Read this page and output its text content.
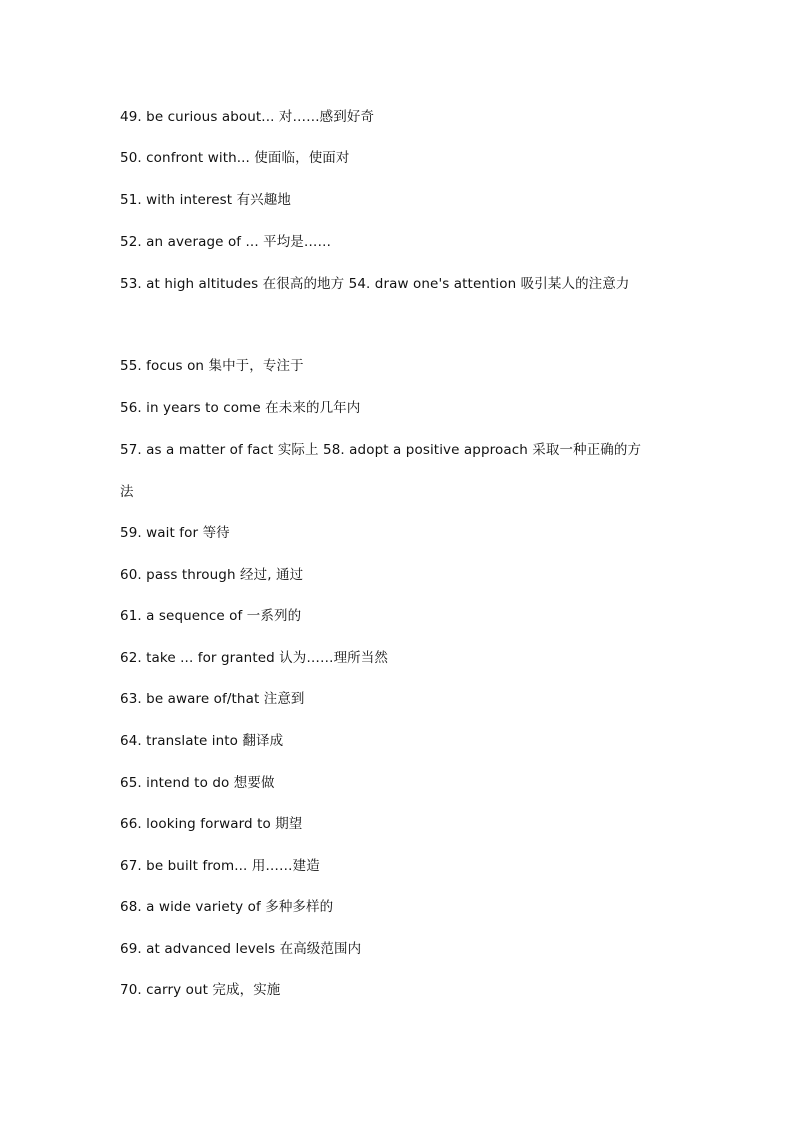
49. be curious about... 对……感到好奇
50. confront with... 使面临，使面对
51. with interest 有兴趣地
52. an average of ... 平均是……
53. at high altitudes 在很高的地方 54. draw one's attention 吸引某人的注意力
55. focus on 集中于，专注于
56. in years to come 在未来的几年内
57. as a matter of fact 实际上 58. adopt a positive approach 采取一种正确的方
法
59. wait for 等待
60. pass through 经过, 通过
61. a sequence of 一系列的
62. take ... for granted 认为……理所当然
63. be aware of/that 注意到
64. translate into 翻译成
65. intend to do 想要做
66. looking forward to 期望
67. be built from... 用……建造
68. a wide variety of 多种多样的
69. at advanced levels 在高级范围内
70. carry out 完成，实施
